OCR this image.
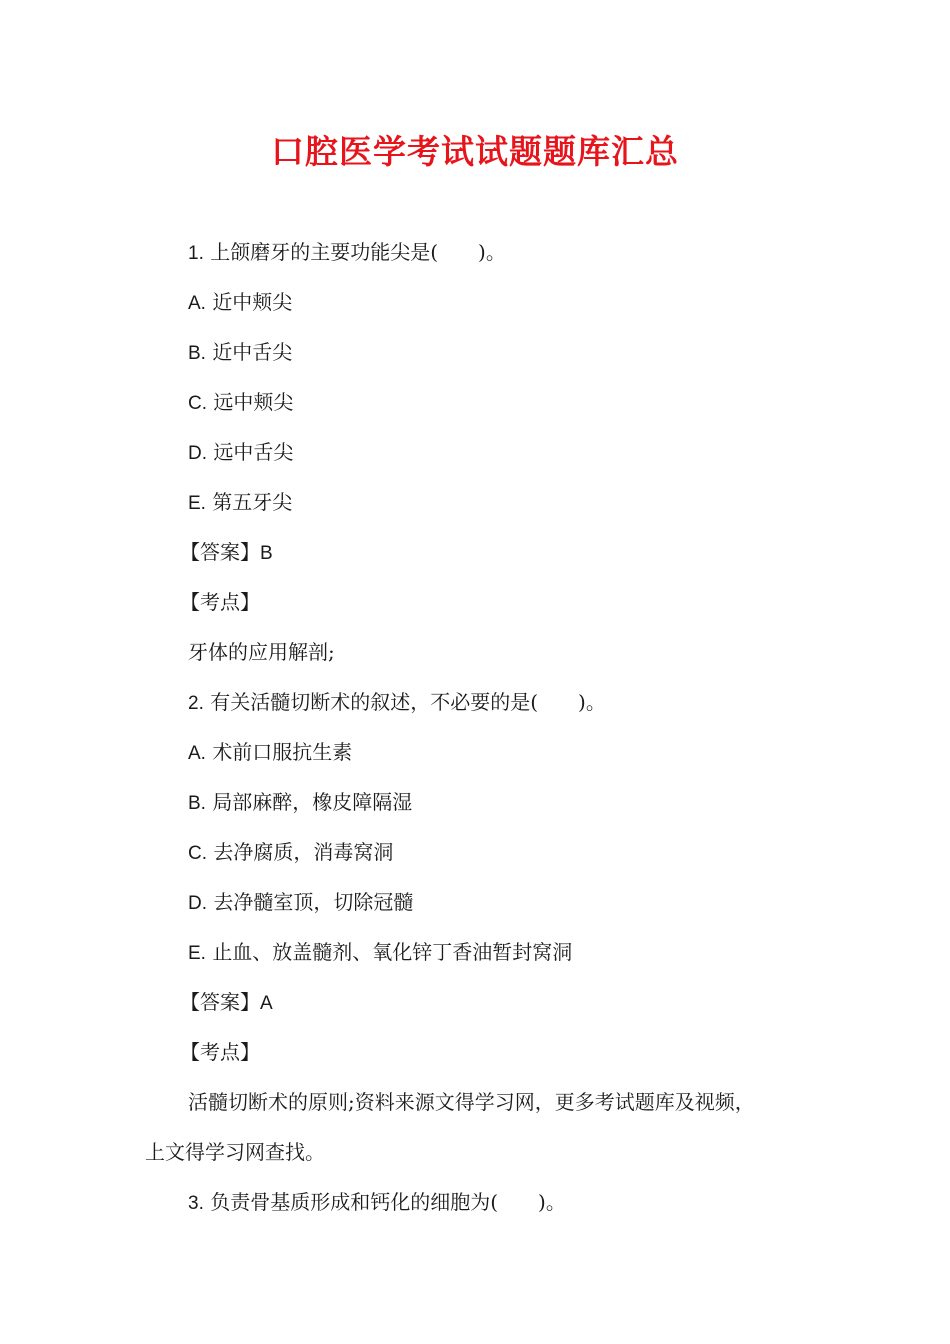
口腔医学考试试题题库汇总
1. 上颌磨牙的主要功能尖是(　　)。
A. 近中颊尖
B. 近中舌尖
C. 远中颊尖
D. 远中舌尖
E. 第五牙尖
【答案】B
【考点】
牙体的应用解剖;
2. 有关活髓切断术的叙述，不必要的是(　　)。
A. 术前口服抗生素
B. 局部麻醉，橡皮障隔湿
C. 去净腐质，消毒窝洞
D. 去净髓室顶，切除冠髓
E. 止血、放盖髓剂、氧化锌丁香油暂封窝洞
【答案】A
【考点】
活髓切断术的原则;资料来源文得学习网，更多考试题库及视频，
上文得学习网查找。
3. 负责骨基质形成和钙化的细胞为(　　)。
